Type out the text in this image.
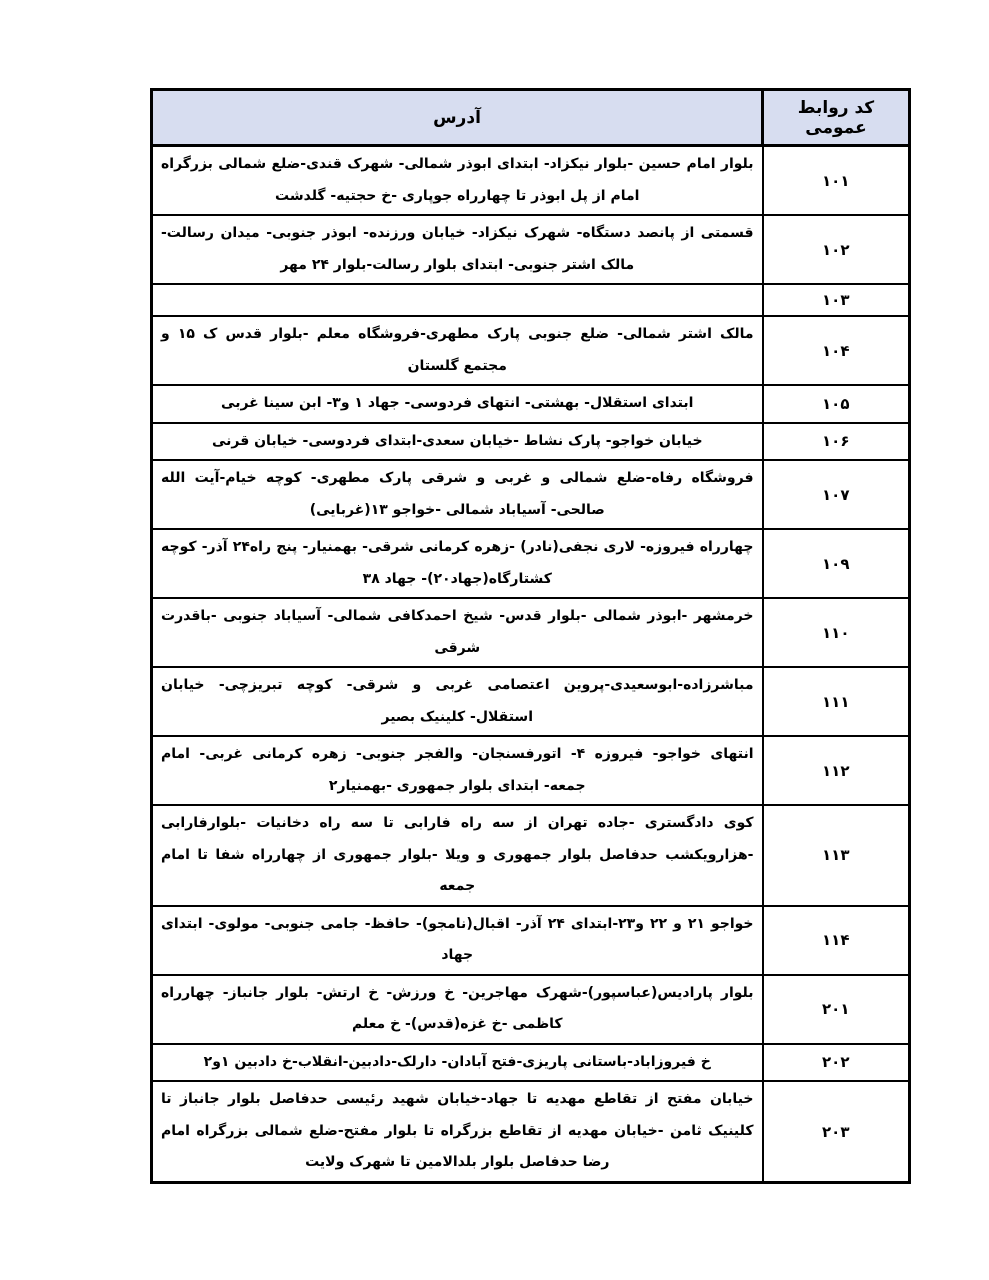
کد روابط عمومی	آدرس
۱۰۱	بلوار امام حسین -بلوار نیکزاد- ابتدای ابوذر شمالی- شهرک قندی-ضلع شمالی بزرگراه امام از پل ابوذر تا چهارراه جوپاری -خ حجتیه- گلدشت
۱۰۲	قسمتی از پانصد دستگاه- شهرک نیکزاد- خیابان ورزنده- ابوذر جنوبی- میدان رسالت- مالک اشتر جنوبی- ابتدای بلوار رسالت-بلوار ۲۴ مهر
۱۰۳	
۱۰۴	مالک اشتر شمالی- ضلع جنوبی پارک مطهری-فروشگاه معلم -بلوار قدس ک ۱۵ و مجتمع گلستان
۱۰۵	ابتدای استقلال- بهشتی- انتهای فردوسی- جهاد ۱ و۳- ابن سینا غربی
۱۰۶	خیابان خواجو- پارک نشاط -خیابان سعدی-ابتدای فردوسی- خیابان قرنی
۱۰۷	فروشگاه رفاه-ضلع شمالی و غربی و شرقی پارک مطهری- کوچه خیام-آیت الله صالحی- آسیاباد شمالی -خواجو ۱۳(غربایی)
۱۰۹	چهارراه فیروزه- لاری نجفی(نادر) -زهره کرمانی شرقی- بهمنیار- پنج راه۲۴ آذر- کوچه کشتارگاه(جهاد۲۰)- جهاد ۳۸
۱۱۰	خرمشهر -ابوذر شمالی -بلوار قدس- شیخ احمدکافی شمالی- آسیاباد جنوبی -باقدرت شرقی
۱۱۱	مباشرزاده-ابوسعیدی-پروین اعتصامی غربی و شرقی- کوچه تبریزچی- خیابان استقلال- کلینیک بصیر
۱۱۲	انتهای خواجو- فیروزه ۴- اتورفسنجان- والفجر جنوبی- زهره کرمانی غربی- امام جمعه- ابتدای بلوار جمهوری -بهمنیار۲
۱۱۳	کوی دادگستری -جاده تهران از سه راه فارابی تا سه راه دخانیات -بلوارفارابی -هزارویکشب حدفاصل بلوار جمهوری و ویلا -بلوار جمهوری از چهارراه شفا تا امام جمعه
۱۱۴	خواجو ۲۱ و ۲۲ و۲۳-ابتدای ۲۴ آذر- اقبال(نامجو)- حافظ- جامی جنوبی- مولوی- ابتدای جهاد
۲۰۱	بلوار پارادیس(عباسپور)-شهرک مهاجرین- خ ورزش- خ ارتش- بلوار جانباز- چهارراه کاظمی -خ غزه(قدس)- خ معلم
۲۰۲	خ فیروزاباد-باستانی پاریزی-فتح آبادان- دارلک-دادبین-انقلاب-خ دادبین ۱و۲
۲۰۳	خیابان مفتح از تقاطع مهدیه تا جهاد-خیابان شهید رئیسی حدفاصل بلوار جانباز تا کلینیک ثامن -خیابان مهدیه از تقاطع بزرگراه تا بلوار مفتح-ضلع شمالی بزرگراه امام رضا حدفاصل بلوار بلدالامین تا شهرک ولایت
